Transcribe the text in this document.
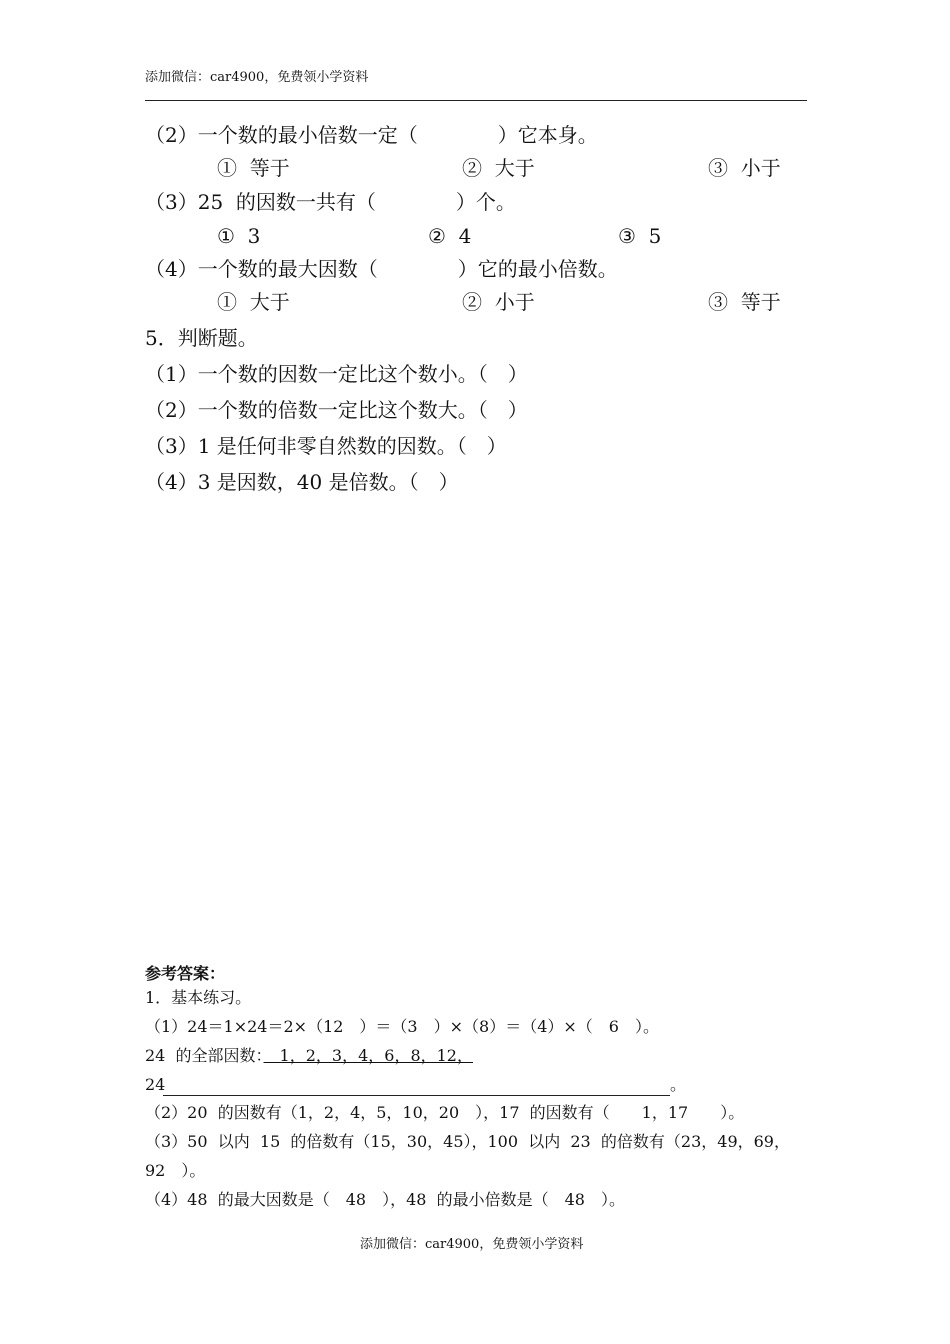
添加微信：car4900，免费领小学资料
（2）一个数的最小倍数一定（　　　　）它本身。
①  等于	②  大于	③  小于
（3）25  的因数一共有（　　　　）个。
①  3	②  4	③  5
（4）一个数的最大因数（　　　　）它的最小倍数。
①  大于	②  小于	③  等于
5．判断题。
（1）一个数的因数一定比这个数小。（　）
（2）一个数的倍数一定比这个数大。（　）
（3）1 是任何非零自然数的因数。（　）
（4）3 是因数，40 是倍数。（　）
参考答案：
1．基本练习。
（1）24＝1×24＝2×（12　）＝（3　）×（8）＝（4）×（　6　）。
24  的全部因数：　1，2，3，4，6，8，12，
24	。
（2）20  的因数有（1，2，4，5，10，20　），17  的因数有（　　1，17　　）。
（3）50  以内  15  的倍数有（15，30，45），100  以内  23  的倍数有（23，49，69，
92　）。
（4）48  的最大因数是（　48　），48  的最小倍数是（　48　）。
添加微信：car4900，免费领小学资料
